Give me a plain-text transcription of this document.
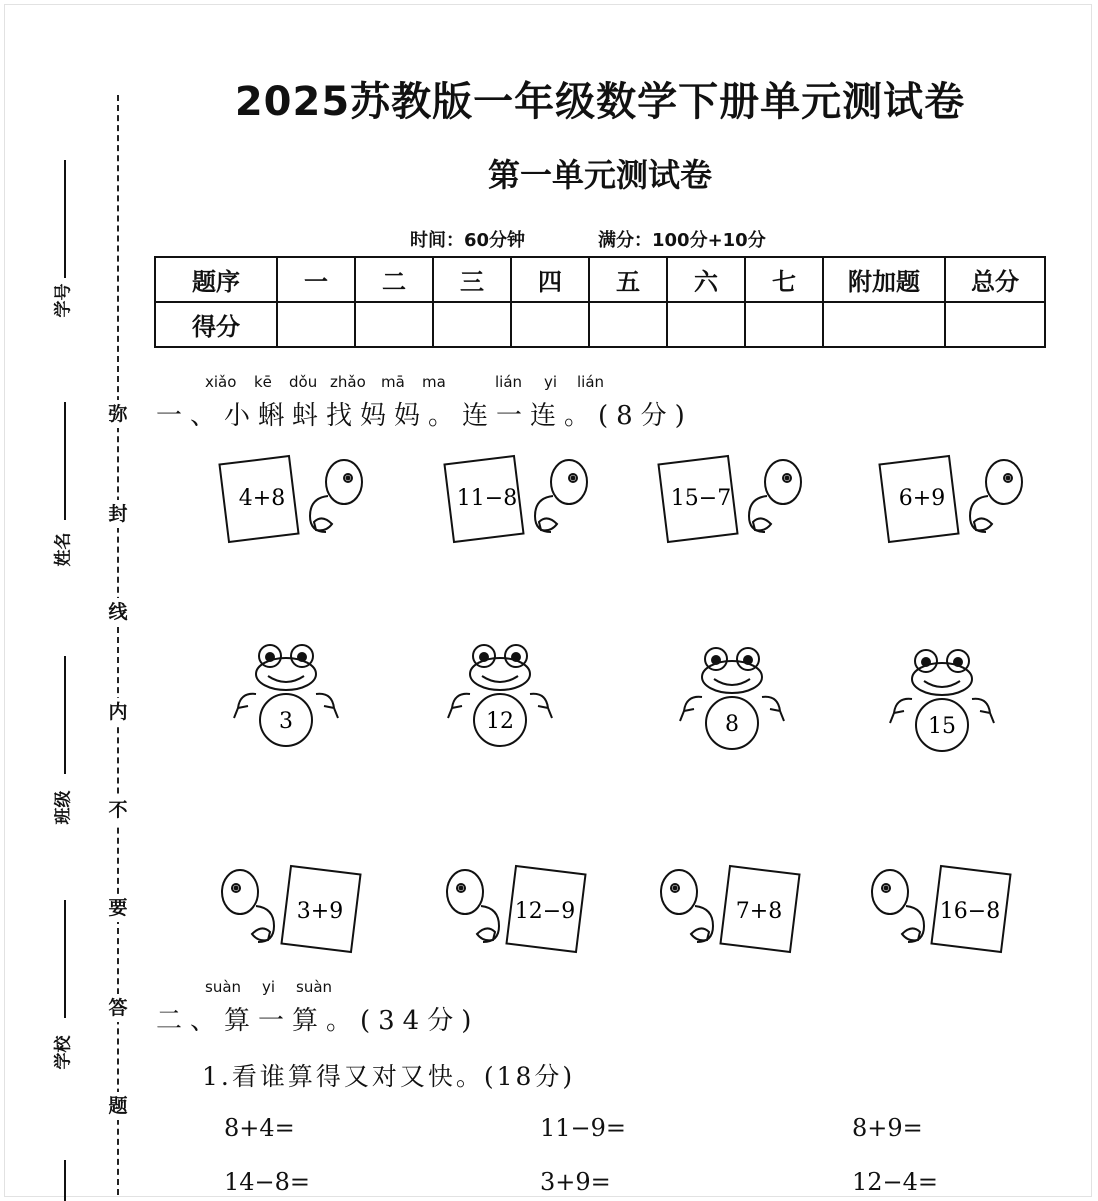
学号
姓名
班级
学校
弥
封
线
内
不
要
答
题
2025苏教版一年级数学下册单元测试卷
第一单元测试卷
时间：60分钟	满分：100分+10分
题序	一	二	三	四	五	六	七	附加题	总分
得分									
xiǎo kē dǒu zhǎo mā ma	lián yi lián
一、小蝌蚪找妈妈。连一连。(8分)
4+8	11−8	15−7	6+9
3	12	8	15
3+9	12−9	7+8	16−8
suàn yi suàn
二、算一算。(34分)
1.看谁算得又对又快。(18分)
8+4=	11−9=	8+9=
14−8=	3+9=	12−4=
